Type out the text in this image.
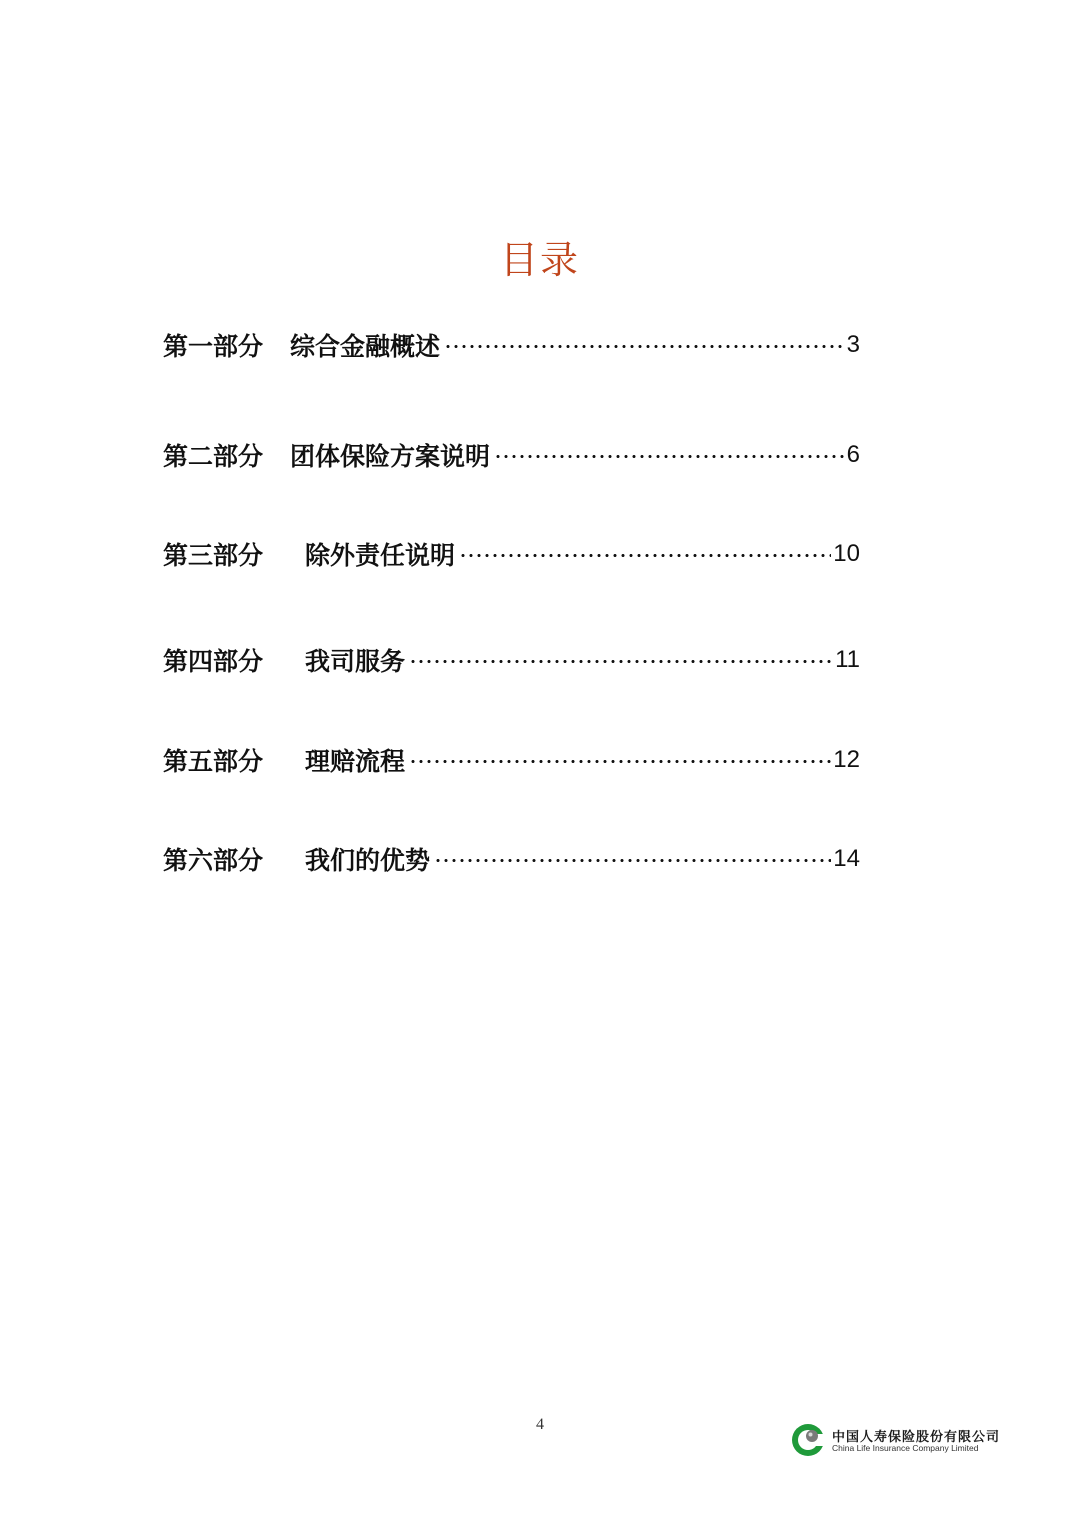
目录
第一部分 综合金融概述	3
第二部分 团体保险方案说明	6
第三部分 除外责任说明	10
第四部分 我司服务	11
第五部分 理赔流程	12
第六部分 我们的优势	14
4
中国人寿保险股份有限公司
China Life Insurance Company Limited
